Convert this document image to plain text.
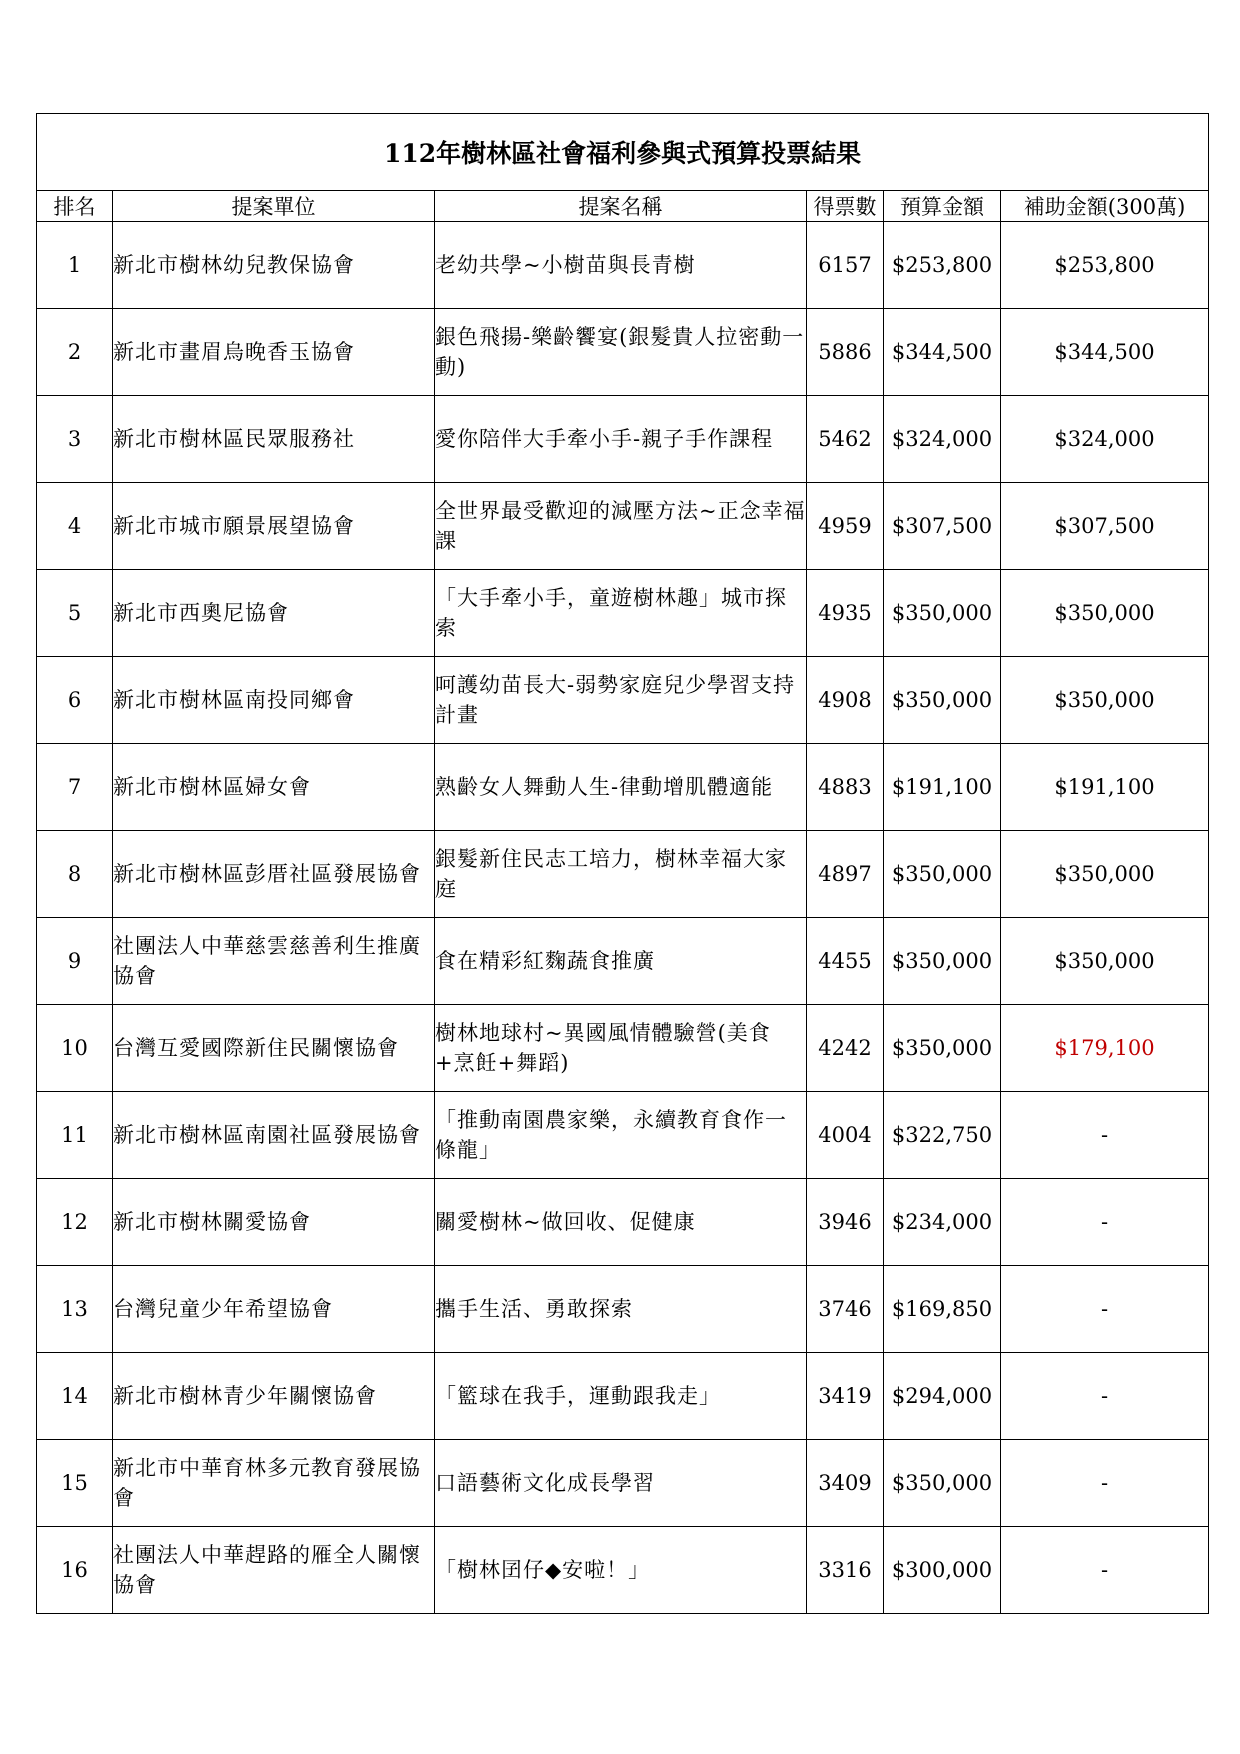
112年樹林區社會福利參與式預算投票結果					
排名	提案單位	提案名稱	得票數	預算金額	補助金額(300萬)
1	新北市樹林幼兒教保協會	老幼共學~小樹苗與長青樹	6157	$253,800	$253,800
2	新北市畫眉烏晚香玉協會	銀色飛揚-樂齡饗宴(銀髮貴人拉密動一動)	5886	$344,500	$344,500
3	新北市樹林區民眾服務社	愛你陪伴大手牽小手-親子手作課程	5462	$324,000	$324,000
4	新北市城市願景展望協會	全世界最受歡迎的減壓方法~正念幸福課	4959	$307,500	$307,500
5	新北市西奧尼協會	「大手牽小手，童遊樹林趣」城市探索	4935	$350,000	$350,000
6	新北市樹林區南投同鄉會	呵護幼苗長大-弱勢家庭兒少學習支持計畫	4908	$350,000	$350,000
7	新北市樹林區婦女會	熟齡女人舞動人生-律動增肌體適能	4883	$191,100	$191,100
8	新北市樹林區彭厝社區發展協會	銀髮新住民志工培力，樹林幸福大家庭	4897	$350,000	$350,000
9	社團法人中華慈雲慈善利生推廣協會	食在精彩紅麴蔬食推廣	4455	$350,000	$350,000
10	台灣互愛國際新住民關懷協會	樹林地球村~異國風情體驗營(美食+烹飪+舞蹈)	4242	$350,000	$179,100
11	新北市樹林區南園社區發展協會	「推動南園農家樂，永續教育食作一條龍」	4004	$322,750	-
12	新北市樹林關愛協會	關愛樹林~做回收、促健康	3946	$234,000	-
13	台灣兒童少年希望協會	攜手生活、勇敢探索	3746	$169,850	-
14	新北市樹林青少年關懷協會	「籃球在我手，運動跟我走」	3419	$294,000	-
15	新北市中華育林多元教育發展協會	口語藝術文化成長學習	3409	$350,000	-
16	社團法人中華趕路的雁全人關懷協會	「樹林囝仔◆安啦！」	3316	$300,000	-
